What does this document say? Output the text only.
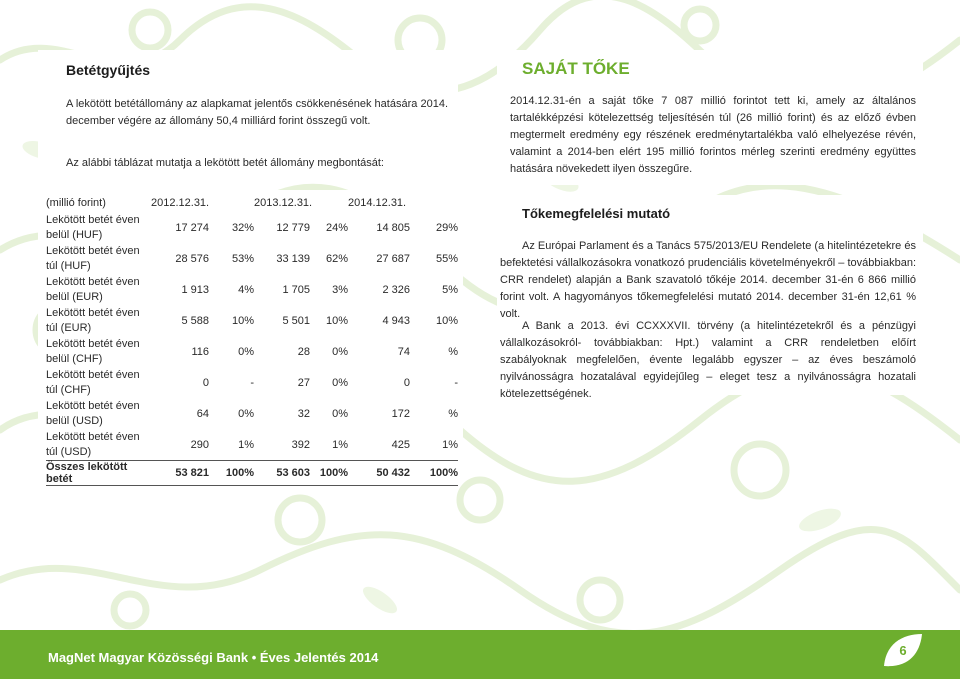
Betétgyűjtés

A lekötött betétállomány az alapkamat jelentős csökkenésének hatására 2014. december végére az állomány 50,4 milliárd forint összegű volt.

Az alábbi táblázat mutatja a lekötött betét állomány megbontását:

(millió forint)	2012.12.31.		2013.12.31.		2014.12.31.	
Lekötött betét éven belül (HUF)	17 274	32%	12 779	24%	14 805	29%
Lekötött betét éven túl (HUF)	28 576	53%	33 139	62%	27 687	55%
Lekötött betét éven belül (EUR)	1 913	4%	1 705	3%	2 326	5%
Lekötött betét éven túl (EUR)	5 588	10%	5 501	10%	4 943	10%
Lekötött betét éven belül (CHF)	116	0%	28	0%	74	%
Lekötött betét éven túl (CHF)	0	-	27	0%	0	-
Lekötött betét éven belül (USD)	64	0%	32	0%	172	%
Lekötött betét éven túl (USD)	290	1%	392	1%	425	1%
Összes lekötött betét	53 821	100%	53 603	100%	50 432	100%
SAJÁT TŐKE

2014.12.31-én a saját tőke 7 087 millió forintot tett ki, amely az általános tartalékképzési kötelezettség teljesítésén túl (26 millió forint) és az előző évben megtermelt eredmény egy részének eredménytartalékba való elhelyezése révén, valamint a 2014-ben elért 195 millió forintos mérleg szerinti eredmény együttes hatására növekedett ilyen összegűre.

Tőkemegfelelési mutató

Az Európai Parlament és a Tanács 575/2013/EU Rendelete (a hitelintézetekre és befektetési vállalkozásokra vonatkozó prudenciális követelményekről – továbbiakban: CRR rendelet) alapján a Bank szavatoló tőkéje 2014. december 31-én 6 866 millió forint volt. A hagyományos tőkemegfelelési mutató 2014. december 31-én 12,61 % volt.

A Bank a 2013. évi CCXXXVII. törvény (a hitelintézetekről és a pénzügyi vállalkozásokról- továbbiakban: Hpt.) valamint a CRR rendeletben előírt szabályoknak megfelelően, évente legalább egyszer – az éves beszámoló nyilvánosságra hozatalával egyidejűleg – eleget tesz a nyilvánosságra hozatali kötelezettségének.

MagNet Magyar Közösségi Bank • Éves Jelentés 2014	6
